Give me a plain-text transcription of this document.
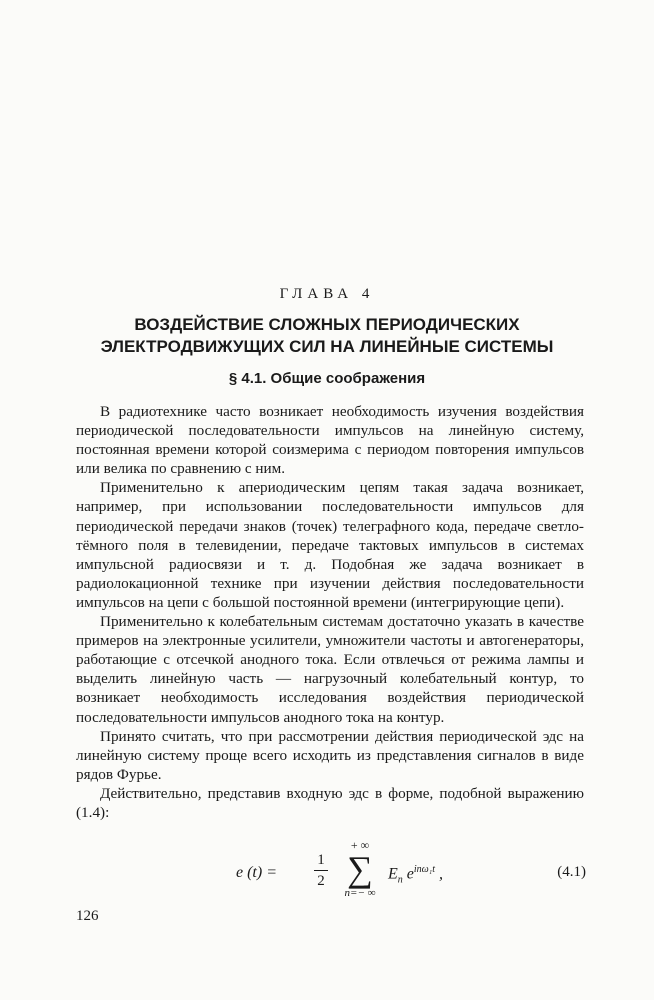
ГЛАВА 4
ВОЗДЕЙСТВИЕ СЛОЖНЫХ ПЕРИОДИЧЕСКИХ
ЭЛЕКТРОДВИЖУЩИХ СИЛ НА ЛИНЕЙНЫЕ СИСТЕМЫ
§ 4.1. Общие соображения

В радиотехнике часто возникает необходимость изучения воздействия периодической последовательности импульсов на линейную систему, постоянная времени которой соизмерима с периодом повторения импульсов или велика по сравнению с ним.

Применительно к апериодическим цепям такая задача возникает, например, при использовании последовательности импульсов для периодической передачи знаков (точек) телеграфного кода, передаче светло-тёмного поля в телевидении, передаче тактовых импульсов в системах импульсной радиосвязи и т. д. Подобная же задача возникает в радиолокационной технике при изучении действия последовательности импульсов на цепи с большой постоянной времени (интегрирующие цепи).

Применительно к колебательным системам достаточно указать в качестве примеров на электронные усилители, умножители частоты и автогенераторы, работающие с отсечкой анодного тока. Если отвлечься от режима лампы и выделить линейную часть — нагрузочный колебательный контур, то возникает необходимость исследования воздействия периодической последовательности импульсов анодного тока на контур.

Принято считать, что при рассмотрении действия периодической эдс на линейную систему проще всего исходить из представления сигналов в виде рядов Фурье.

Действительно, представив входную эдс в форме, подобной выражению (1.4):

e (t) =
1
2
+ ∞
∑
n=− ∞
$E_n$ $e^{in\omega_1t}$ ,	(4.1)
126
